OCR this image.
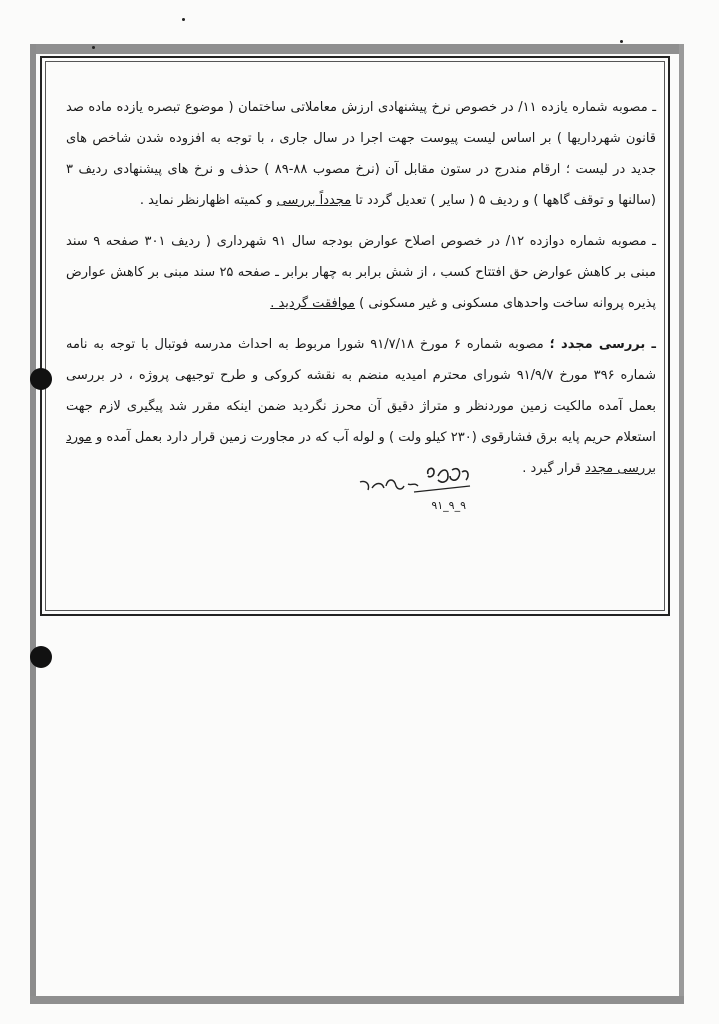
ـ مصوبه شماره یازده ۱۱/ در خصوص نرخ پیشنهادی ارزش معاملاتی ساختمان ( موضوع تبصره یازده ماده صد قانون شهرداریها ) بر اساس لیست پیوست جهت اجرا در سال جاری ، با توجه به افزوده شدن شاخص های جدید در لیست ؛ ارقام مندرج در ستون مقابل آن (نرخ مصوب ۸۸-۸۹ ) حذف و نرخ های پیشنهادی ردیف ۳ (سالنها و توقف گاهها ) و ردیف ۵ ( سایر ) تعدیل گردد تا مجدداً بررسی و کمیته اظهارنظر نماید .

ـ مصوبه شماره دوازده ۱۲/ در خصوص اصلاح عوارض بودجه سال ۹۱ شهرداری ( ردیف ۳۰۱ صفحه ۹ سند مبنی بر کاهش عوارض حق افتتاح کسب ، از شش برابر به چهار برابر ـ صفحه ۲۵ سند مبنی بر کاهش عوارض پذیره پروانه ساخت واحدهای مسکونی و غیر مسکونی ) موافقت گردید .

ـ بررسی مجدد ؛ مصوبه شماره ۶ مورخ ۹۱/۷/۱۸ شورا مربوط به احداث مدرسه فوتبال با توجه به نامه شماره ۳۹۶ مورخ ۹۱/۹/۷ شورای محترم امیدیه منضم به نقشه کروکی و طرح توجیهی پروژه ، در بررسی بعمل آمده مالکیت زمین موردنظر و متراژ دقیق آن محرز نگردید ضمن اینکه مقرر شد پیگیری لازم جهت استعلام حریم پایه برق فشارقوی (۲۳۰ کیلو ولت ) و لوله آب که در مجاورت زمین قرار دارد بعمل آمده و مورد بررسی مجدد قرار گیرد .

۹۱_۹_۹
